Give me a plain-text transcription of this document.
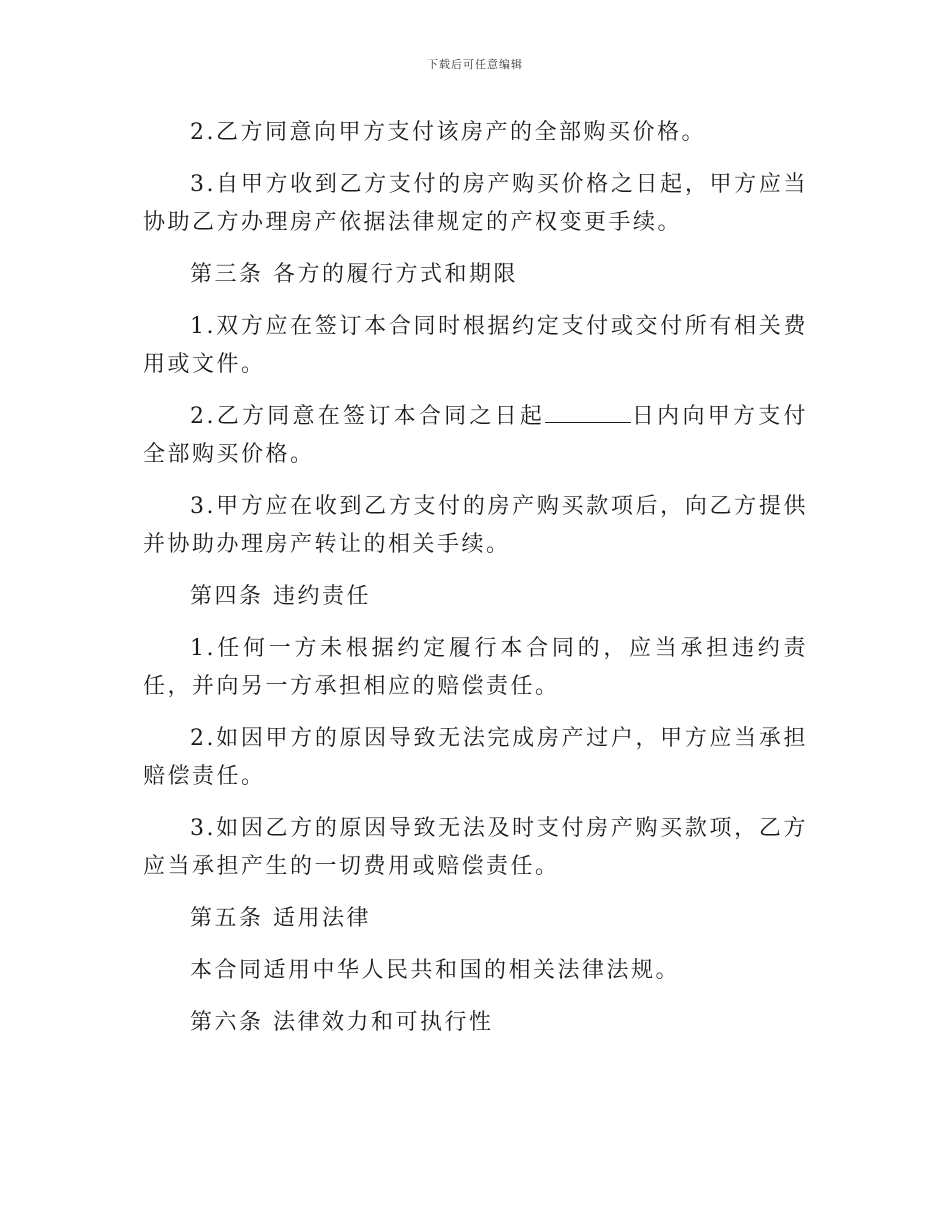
下载后可任意编辑

2.乙方同意向甲方支付该房产的全部购买价格。

3.自甲方收到乙方支付的房产购买价格之日起，甲方应当协助乙方办理房产依据法律规定的产权变更手续。

第三条 各方的履行方式和期限

1.双方应在签订本合同时根据约定支付或交付所有相关费用或文件。

2.乙方同意在签订本合同之日起	日内向甲方支付全部购买价格。

3.甲方应在收到乙方支付的房产购买款项后，向乙方提供并协助办理房产转让的相关手续。

第四条 违约责任

1.任何一方未根据约定履行本合同的，应当承担违约责任，并向另一方承担相应的赔偿责任。

2.如因甲方的原因导致无法完成房产过户，甲方应当承担赔偿责任。

3.如因乙方的原因导致无法及时支付房产购买款项，乙方应当承担产生的一切费用或赔偿责任。

第五条 适用法律

本合同适用中华人民共和国的相关法律法规。

第六条 法律效力和可执行性
